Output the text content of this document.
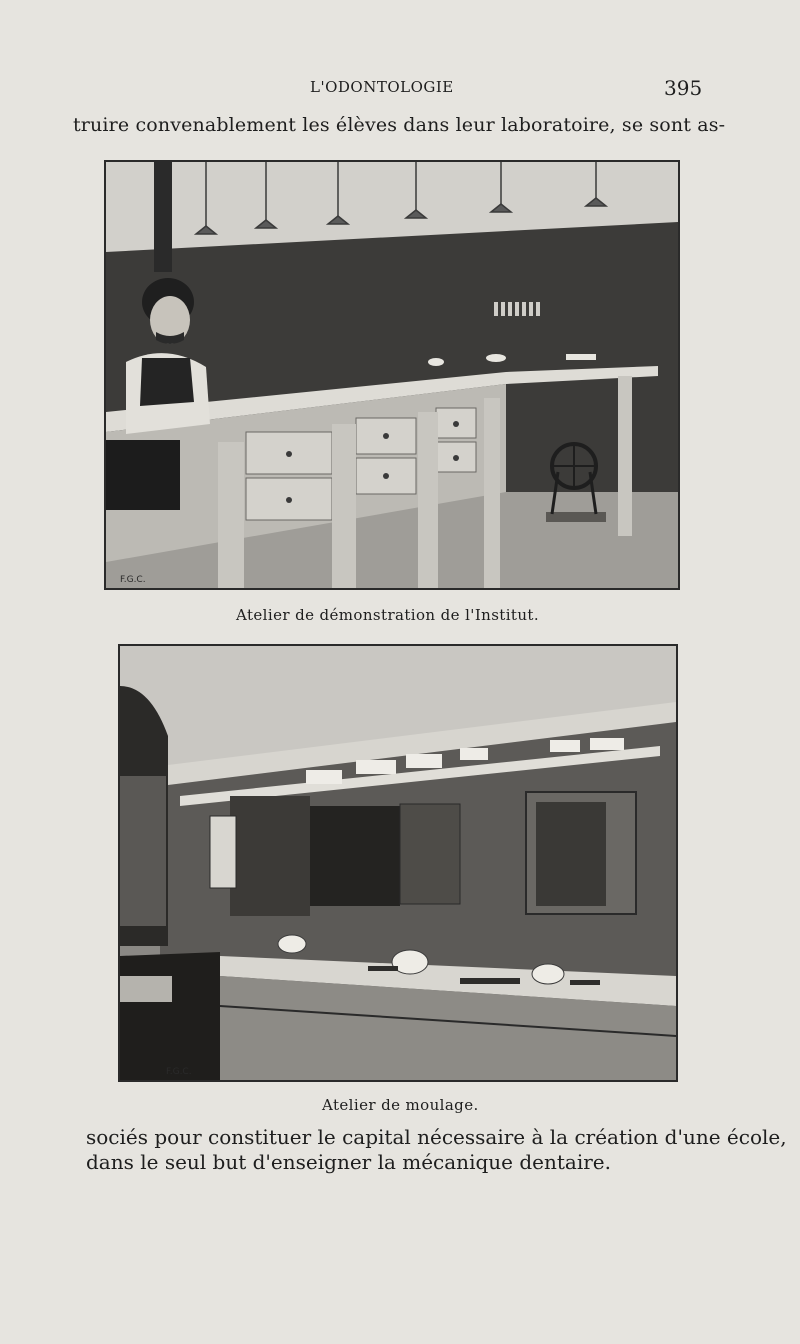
L'ODONTOLOGIE	395
truire convenablement les élèves dans leur laboratoire, se sont as-
F.G.C.
Atelier de démonstration de l'Institut.
F.G.C.
Atelier de moulage.
sociés pour constituer le capital nécessaire à la création d'une école,
dans le seul but d'enseigner la mécanique dentaire.
